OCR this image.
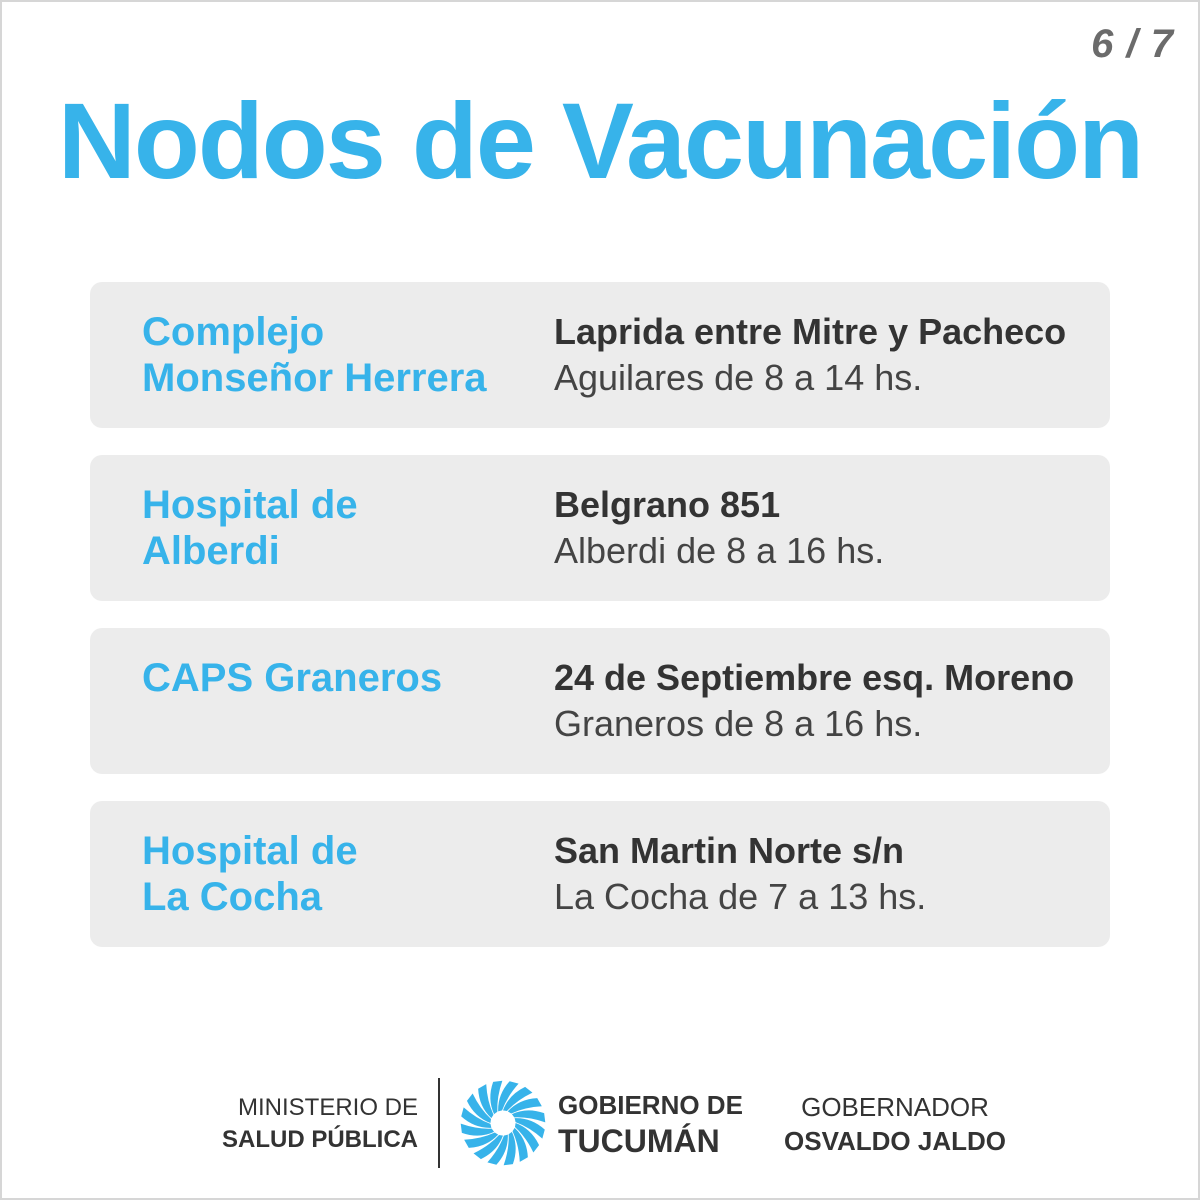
6 / 7
Nodos de Vacunación
Complejo
Monseñor Herrera
Laprida entre Mitre y Pacheco
Aguilares de 8 a 14 hs.
Hospital de
Alberdi
Belgrano 851
Alberdi de 8 a 16 hs.
CAPS Graneros	24 de Septiembre esq. Moreno
Graneros de 8 a 16 hs.
Hospital de
La Cocha
San Martin Norte s/n
La Cocha de 7 a 13 hs.
MINISTERIO DE
SALUD PÚBLICA
GOBIERNO DE
TUCUMÁN
GOBERNADOR
OSVALDO JALDO
